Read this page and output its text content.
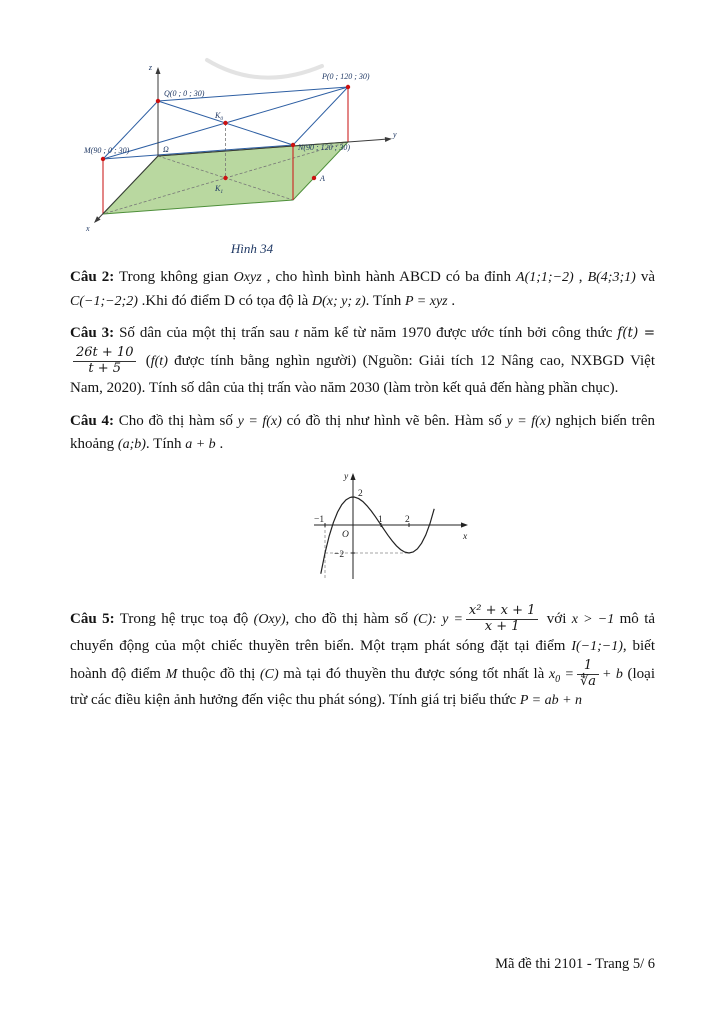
Q(0 ; 0 ; 30)
P(0 ; 120 ; 30)
M(90 ; 0 ; 30)	N(90 ; 120 ; 30)
Ω
$K_0$
$K_1$
A
z
y
x
Hình 34

Câu 2: Trong không gian Oxyz , cho hình bình hành ABCD có ba đỉnh A(1;1;−2) , B(4;3;1) và C(−1;−2;2) .Khi đó điểm D có tọa độ là D(x; y; z). Tính P = xyz .

Câu 3: Số dân của một thị trấn sau t năm kể từ năm 1970 được ước tính bởi công thức f(t) =
$\frac{26t + 10}{t + 5} (f(t)$ được tính bằng nghìn người) (Nguồn: Giải tích 12 Nâng cao, NXBGD Việt Nam, 2020). Tính số dân của thị trấn vào năm 2030 (làm tròn kết quả đến hàng phần chục).

Câu 4: Cho đồ thị hàm số y = f(x) có đồ thị như hình vẽ bên. Hàm số y = f(x) nghịch biến trên khoảng (a;b). Tính a + b .

y
x
O
2
−2
−1	1 2

Câu 5: Trong hệ trục toạ độ (Oxy), cho đồ thị hàm số (C): $y = \frac{\text{x² + x + 1}}{x + 1}$ với x > −1 mô tả chuyển động của một chiếc thuyền trên biển. Một trạm phát sóng đặt tại điểm I(−1;−1), biết hoành độ điểm M thuộc đồ thị (C) mà tại đó thuyền thu được sóng tốt nhất là $x_0 = \frac{1}{∜a} + b$ (loại trừ các điều kiện ảnh hưởng đến việc thu phát sóng). Tính giá trị biểu thức P = ab + n

Mã đề thi 2101 - Trang 5/ 6
